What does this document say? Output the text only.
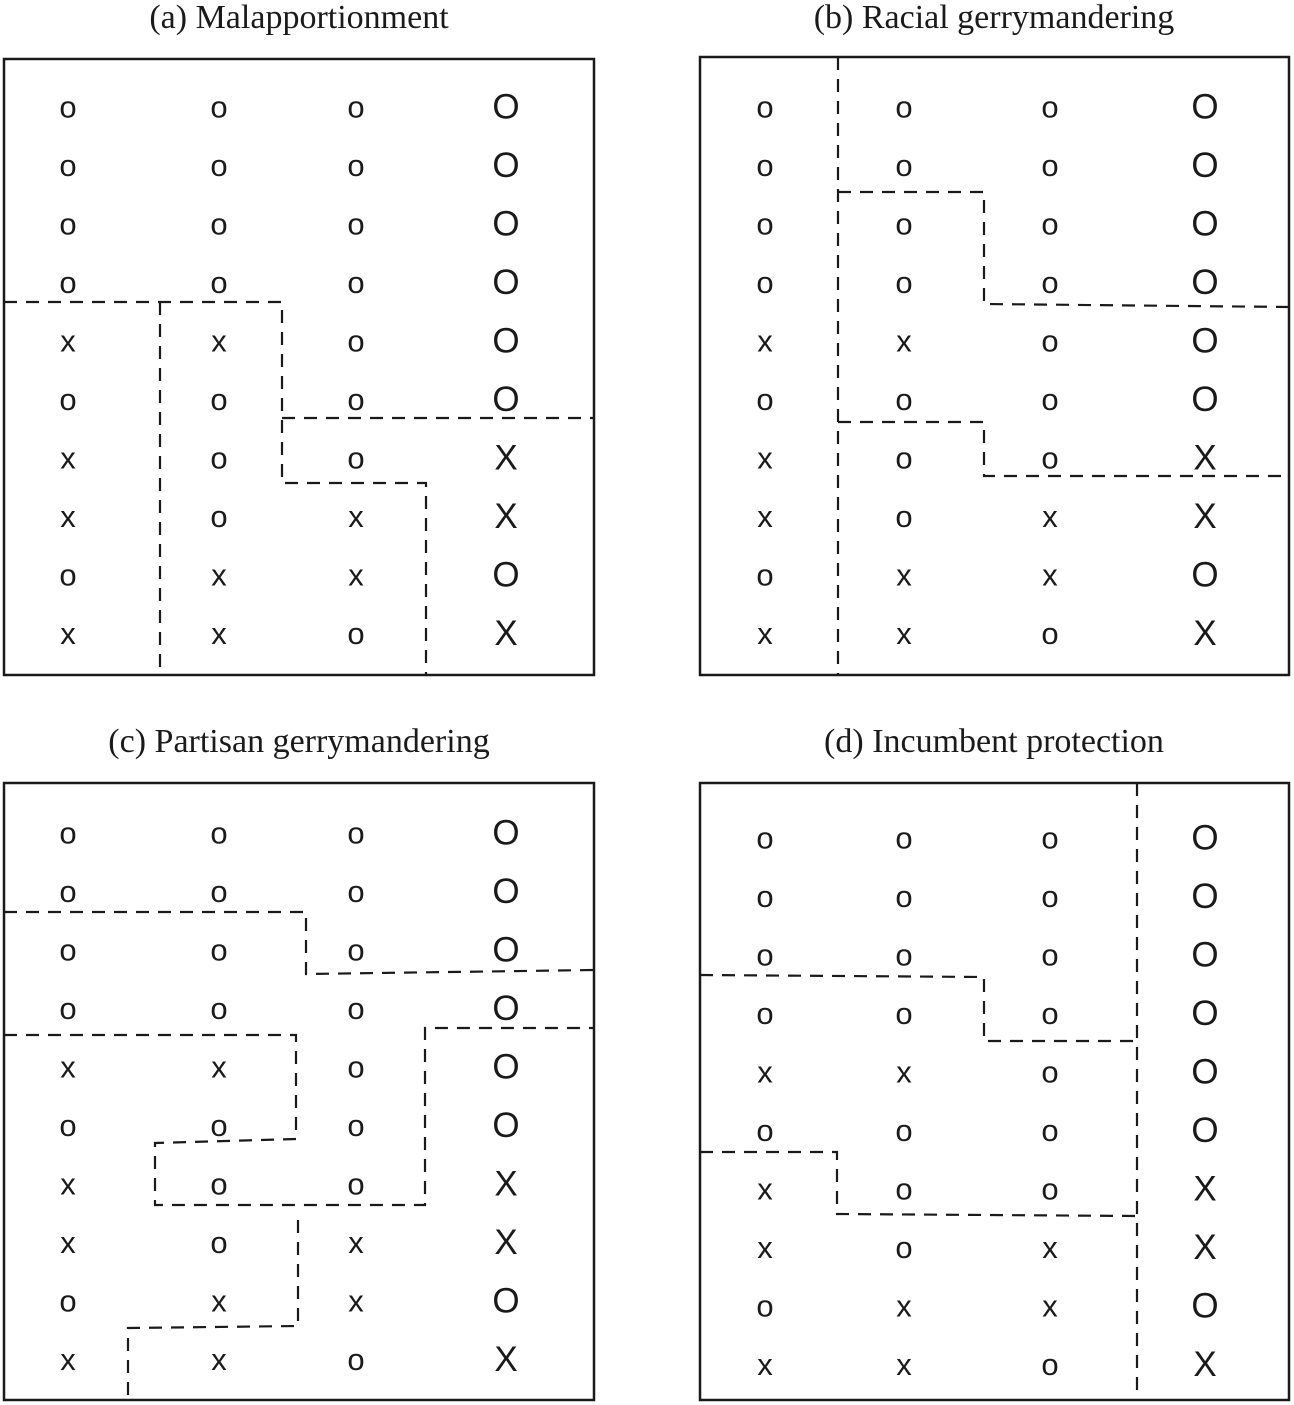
(a) Malapportionment
o	o	o	O
o	o	o	O
o	o	o	O
o	o	o	O
x	x	o	O
o	o	o	O
x	o	o	X
x	o	x	X
o	x	x	O
x	x	o	X
(b) Racial gerrymandering
o	o	o	O
o	o	o	O
o	o	o	O
o	o	o	O
x	x	o	O
o	o	o	O
x	o	o	X
x	o	x	X
o	x	x	O
x	x	o	X
(c) Partisan gerrymandering
o	o	o	O
o	o	o	O
o	o	o	O
o	o	o	O
x	x	o	O
o	o	o	O
x	o	o	X
x	o	x	X
o	x	x	O
x	x	o	X
(d) Incumbent protection
o	o	o	O
o	o	o	O
o	o	o	O
o	o	o	O
x	x	o	O
o	o	o	O
x	o	o	X
x	o	x	X
o	x	x	O
x	x	o	X
